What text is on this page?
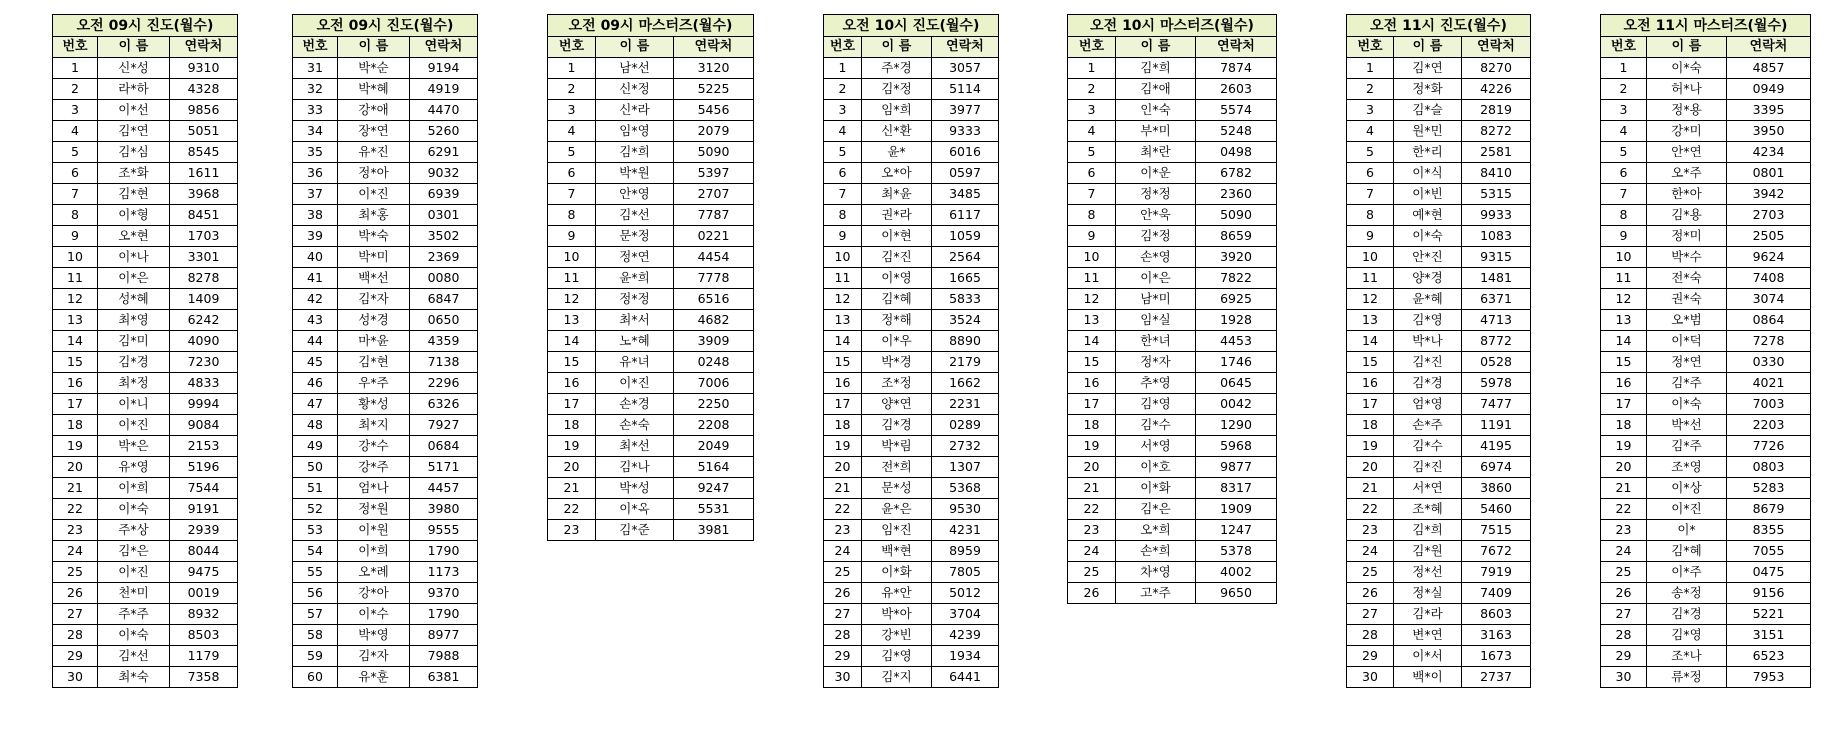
오전 09시 진도(월수)		
번호	이 름	연락처
1	신*성	9310
2	라*하	4328
3	이*선	9856
4	김*연	5051
5	김*심	8545
6	조*화	1611
7	김*현	3968
8	이*형	8451
9	오*현	1703
10	이*나	3301
11	이*은	8278
12	성*혜	1409
13	최*영	6242
14	김*미	4090
15	김*경	7230
16	최*정	4833
17	이*니	9994
18	이*진	9084
19	박*은	2153
20	유*영	5196
21	이*희	7544
22	이*숙	9191
23	주*상	2939
24	김*은	8044
25	이*진	9475
26	천*미	0019
27	주*주	8932
28	이*숙	8503
29	김*선	1179
30	최*숙	7358
오전 09시 진도(월수)		
번호	이 름	연락처
31	박*순	9194
32	박*혜	4919
33	강*애	4470
34	장*연	5260
35	유*진	6291
36	정*아	9032
37	이*진	6939
38	최*홍	0301
39	박*숙	3502
40	박*미	2369
41	백*선	0080
42	김*자	6847
43	성*경	0650
44	마*윤	4359
45	김*현	7138
46	우*주	2296
47	황*성	6326
48	최*지	7927
49	강*수	0684
50	강*주	5171
51	엄*나	4457
52	정*원	3980
53	이*원	9555
54	이*희	1790
55	오*례	1173
56	강*아	9370
57	이*수	1790
58	박*영	8977
59	김*자	7988
60	유*훈	6381
오전 09시 마스터즈(월수)		
번호	이 름	연락처
1	남*선	3120
2	신*정	5225
3	신*라	5456
4	임*영	2079
5	김*희	5090
6	박*원	5397
7	안*영	2707
8	김*선	7787
9	문*정	0221
10	정*연	4454
11	윤*희	7778
12	정*정	6516
13	최*서	4682
14	노*혜	3909
15	유*녀	0248
16	이*진	7006
17	손*경	2250
18	손*숙	2208
19	최*선	2049
20	김*나	5164
21	박*성	9247
22	이*옥	5531
23	김*준	3981
오전 10시 진도(월수)		
번호	이 름	연락처
1	주*경	3057
2	김*정	5114
3	임*희	3977
4	신*환	9333
5	윤*	6016
6	오*아	0597
7	최*윤	3485
8	권*라	6117
9	이*현	1059
10	김*진	2564
11	이*영	1665
12	김*혜	5833
13	정*해	3524
14	이*우	8890
15	박*경	2179
16	조*정	1662
17	양*연	2231
18	김*경	0289
19	박*림	2732
20	전*희	1307
21	문*성	5368
22	윤*은	9530
23	임*진	4231
24	백*현	8959
25	이*화	7805
26	유*안	5012
27	박*아	3704
28	강*빈	4239
29	김*영	1934
30	김*지	6441
오전 10시 마스터즈(월수)		
번호	이 름	연락처
1	김*희	7874
2	김*애	2603
3	인*숙	5574
4	부*미	5248
5	최*란	0498
6	이*운	6782
7	정*정	2360
8	안*욱	5090
9	김*정	8659
10	손*영	3920
11	이*은	7822
12	남*미	6925
13	임*실	1928
14	한*녀	4453
15	정*자	1746
16	추*영	0645
17	김*영	0042
18	김*수	1290
19	서*영	5968
20	이*호	9877
21	이*화	8317
22	김*은	1909
23	오*희	1247
24	손*희	5378
25	차*영	4002
26	고*주	9650
오전 11시 진도(월수)		
번호	이 름	연락처
1	김*연	8270
2	정*화	4226
3	김*슬	2819
4	원*민	8272
5	한*리	2581
6	이*식	8410
7	이*빈	5315
8	예*현	9933
9	이*숙	1083
10	안*진	9315
11	양*경	1481
12	윤*혜	6371
13	김*영	4713
14	박*나	8772
15	김*진	0528
16	김*경	5978
17	엄*영	7477
18	손*주	1191
19	김*수	4195
20	김*진	6974
21	서*연	3860
22	조*혜	5460
23	김*희	7515
24	김*원	7672
25	정*선	7919
26	정*실	7409
27	김*라	8603
28	변*연	3163
29	이*서	1673
30	백*이	2737
오전 11시 마스터즈(월수)		
번호	이 름	연락처
1	이*숙	4857
2	허*나	0949
3	정*용	3395
4	강*미	3950
5	안*연	4234
6	오*주	0801
7	한*아	3942
8	김*용	2703
9	정*미	2505
10	박*수	9624
11	전*숙	7408
12	권*숙	3074
13	오*범	0864
14	이*덕	7278
15	정*연	0330
16	김*주	4021
17	이*숙	7003
18	박*선	2203
19	김*주	7726
20	조*영	0803
21	이*상	5283
22	이*진	8679
23	이*	8355
24	김*혜	7055
25	이*주	0475
26	송*정	9156
27	김*경	5221
28	김*영	3151
29	조*나	6523
30	류*정	7953
